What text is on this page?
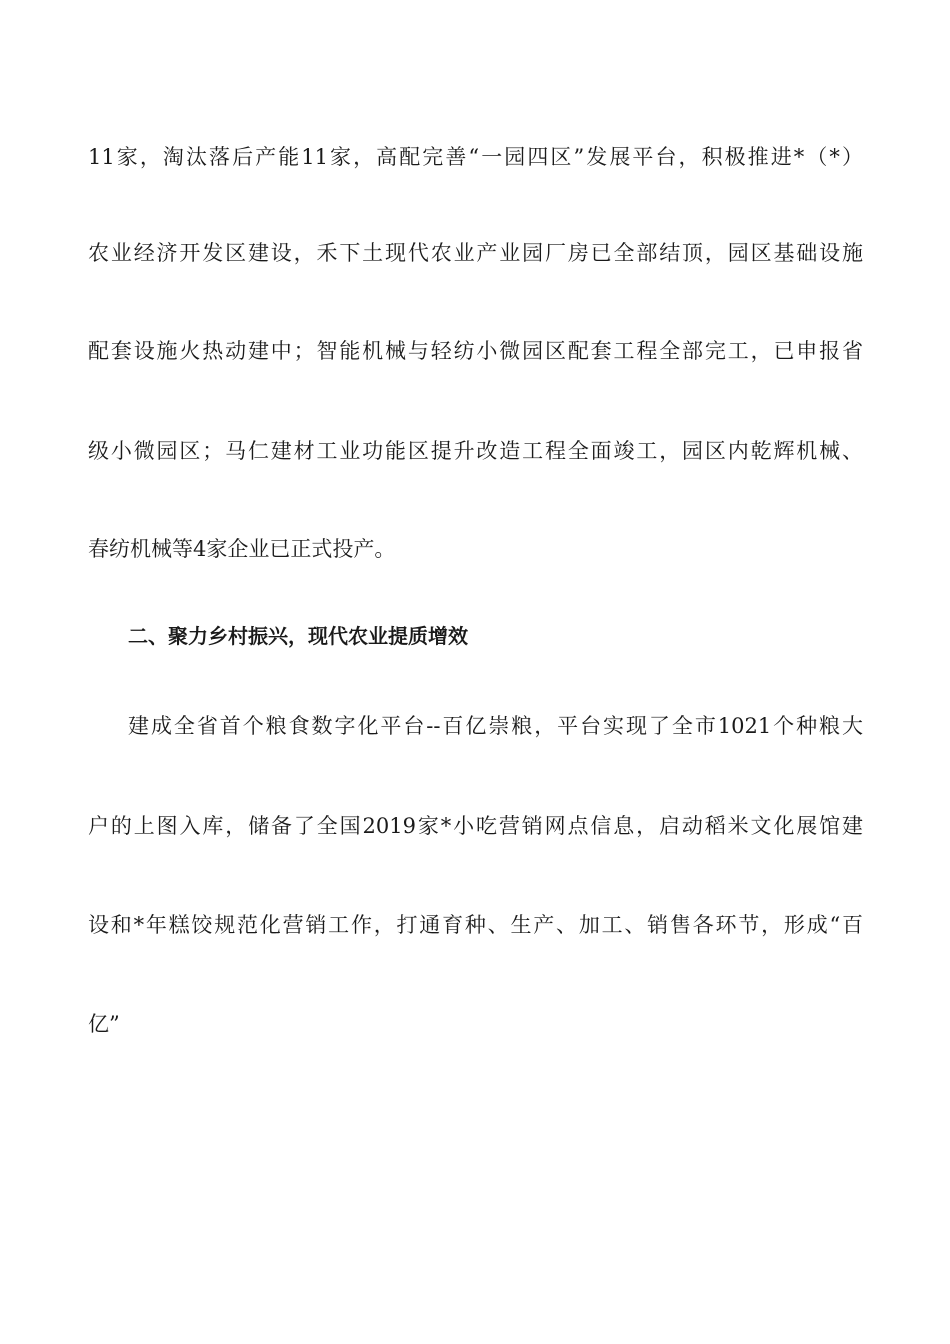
11家，淘汰落后产能11家，高配完善“一园四区”发展平台，积极推进*（*）

农业经济开发区建设，禾下土现代农业产业园厂房已全部结顶，园区基础设施

配套设施火热动建中；智能机械与轻纺小微园区配套工程全部完工，已申报省

级小微园区；马仁建材工业功能区提升改造工程全面竣工，园区内乾辉机械、

春纺机械等4家企业已正式投产。

二、聚力乡村振兴，现代农业提质增效

建成全省首个粮食数字化平台--百亿崇粮，平台实现了全市1021个种粮大

户的上图入库，储备了全国2019家*小吃营销网点信息，启动稻米文化展馆建

设和*年糕饺规范化营销工作，打通育种、生产、加工、销售各环节，形成“百

亿”
